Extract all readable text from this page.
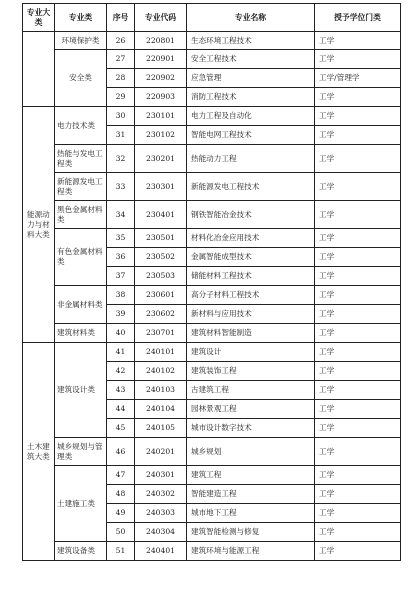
专业大类	专业类	序号	专业代码	专业名称	授予学位门类
	环境保护类	26	220801	生态环境工程技术	工学
	安全类	27	220901	安全工程技术	工学
		28	220902	应急管理	工学/管理学
		29	220903	消防工程技术	工学
能源动力与材料大类	电力技术类	30	230101	电力工程及自动化	工学
		31	230102	智能电网工程技术	工学
	热能与发电工程类	32	230201	热能动力工程	工学
	新能源发电工程类	33	230301	新能源发电工程技术	工学
	黑色金属材料类	34	230401	钢铁智能冶金技术	工学
	有色金属材料类	35	230501	材料化冶金应用技术	工学
		36	230502	金属智能成型技术	工学
		37	230503	储能材料工程技术	工学
	非金属材料类	38	230601	高分子材料工程技术	工学
		39	230602	新材料与应用技术	工学
	建筑材料类	40	230701	建筑材料智能制造	工学
土木建筑大类	建筑设计类	41	240101	建筑设计	工学
		42	240102	建筑装饰工程	工学
		43	240103	古建筑工程	工学
		44	240104	园林景观工程	工学
		45	240105	城市设计数字技术	工学
	城乡规划与管理类	46	240201	城乡规划	工学
	土建施工类	47	240301	建筑工程	工学
		48	240302	智能建造工程	工学
		49	240303	城市地下工程	工学
		50	240304	建筑智能检测与修复	工学
	建筑设备类	51	240401	建筑环境与能源工程	工学
